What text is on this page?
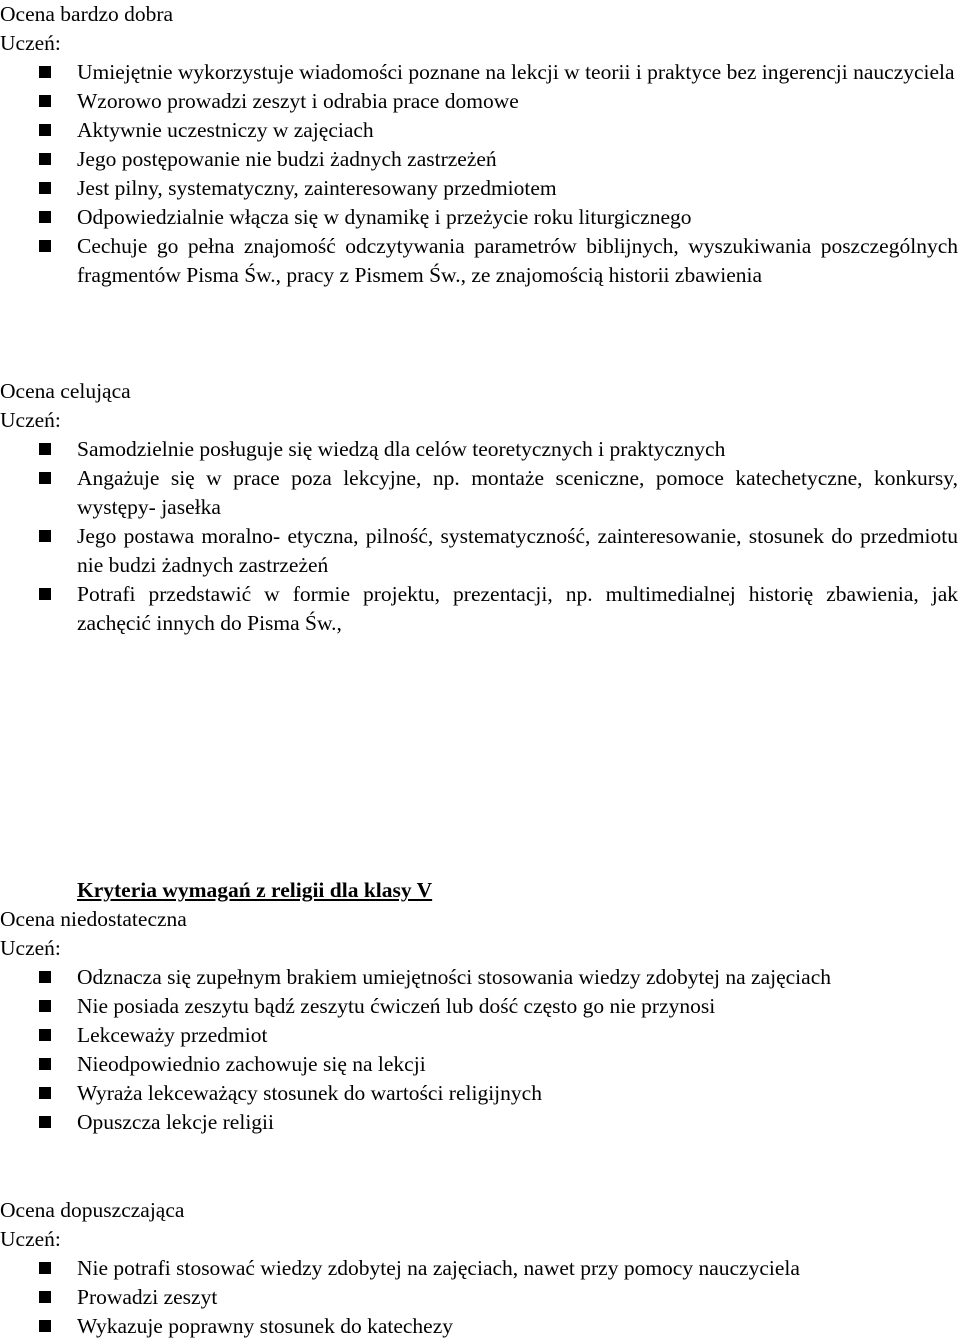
Ocena bardzo dobra

Uczeń:

Umiejętnie wykorzystuje wiadomości poznane na lekcji w teorii i praktyce bez ingerencji nauczyciela
Wzorowo prowadzi zeszyt i odrabia prace domowe
Aktywnie uczestniczy w zajęciach
Jego postępowanie nie budzi żadnych zastrzeżeń
Jest pilny, systematyczny, zainteresowany przedmiotem
Odpowiedzialnie włącza się w dynamikę i przeżycie roku liturgicznego
Cechuje go pełna znajomość odczytywania parametrów biblijnych, wyszukiwania poszczególnych fragmentów Pisma Św., pracy z Pismem Św., ze znajomością historii zbawienia

Ocena celująca

Uczeń:

Samodzielnie posługuje się wiedzą dla celów teoretycznych i praktycznych
Angażuje się w prace poza lekcyjne, np. montaże sceniczne, pomoce katechetyczne, konkursy, występy- jasełka
Jego postawa moralno- etyczna, pilność, systematyczność, zainteresowanie, stosunek do przedmiotu nie budzi żadnych zastrzeżeń
Potrafi przedstawić w formie projektu, prezentacji, np. multimedialnej historię zbawienia, jak zachęcić innych do Pisma Św.,

Kryteria wymagań z religii dla klasy V

Ocena niedostateczna

Uczeń:

Odznacza się zupełnym brakiem umiejętności stosowania wiedzy zdobytej na zajęciach
Nie posiada zeszytu bądź zeszytu ćwiczeń lub dość często go nie przynosi
Lekceważy przedmiot
Nieodpowiednio zachowuje się na lekcji
Wyraża lekceważący stosunek do wartości religijnych
Opuszcza lekcje religii

Ocena dopuszczająca

Uczeń:

Nie potrafi stosować wiedzy zdobytej na zajęciach, nawet przy pomocy nauczyciela
Prowadzi zeszyt
Wykazuje poprawny stosunek do katechezy
